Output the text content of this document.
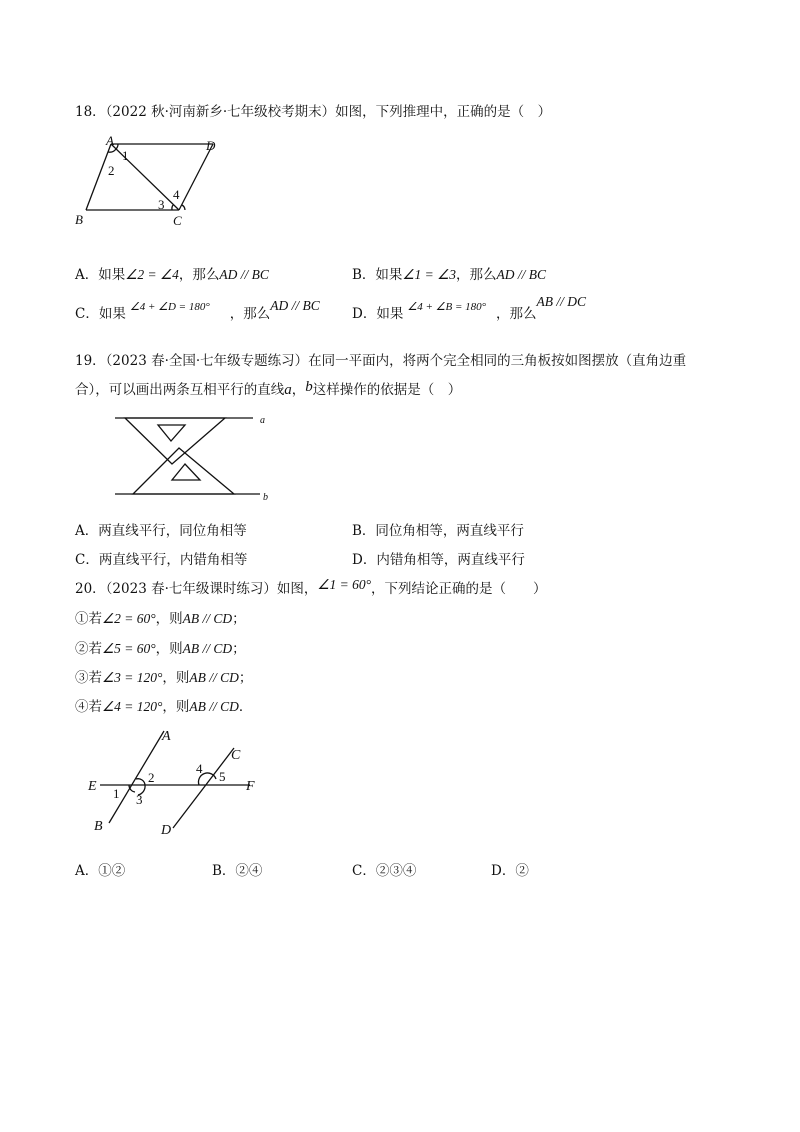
18．（2022 秋·河南新乡·七年级校考期末）如图，下列推理中，正确的是（　）
A	D
B	C
1
2
3
4
A．如果∠2 = ∠4，那么AD // BC	B．如果∠1 = ∠3，那么AD // BC
C．如果 $^{\angle 4 + \angle D = 180^\circ}$ ，那么AD // BC
D．如果 $^{\angle 4 + \angle B = 180^\circ}$ ，那么AB // DC
19．（2023 春·全国·七年级专题练习）在同一平面内，将两个完全相同的三角板按如图摆放（直角边重
合），可以画出两条互相平行的直线a，b这样操作的依据是（　）
a
b
A．两直线平行，同位角相等	B．同位角相等，两直线平行
C．两直线平行，内错角相等	D．内错角相等，两直线平行
20．（2023 春·七年级课时练习）如图，∠1 = 60°，下列结论正确的是（　　）
①若∠2 = 60°，则AB // CD；
②若∠5 = 60°，则AB // CD；
③若∠3 = 120°，则AB // CD；
④若∠4 = 120°，则AB // CD．
A
B
C
D
E	F
2
1 3
4
5
A．①②	B．②④	C．②③④	D．②
